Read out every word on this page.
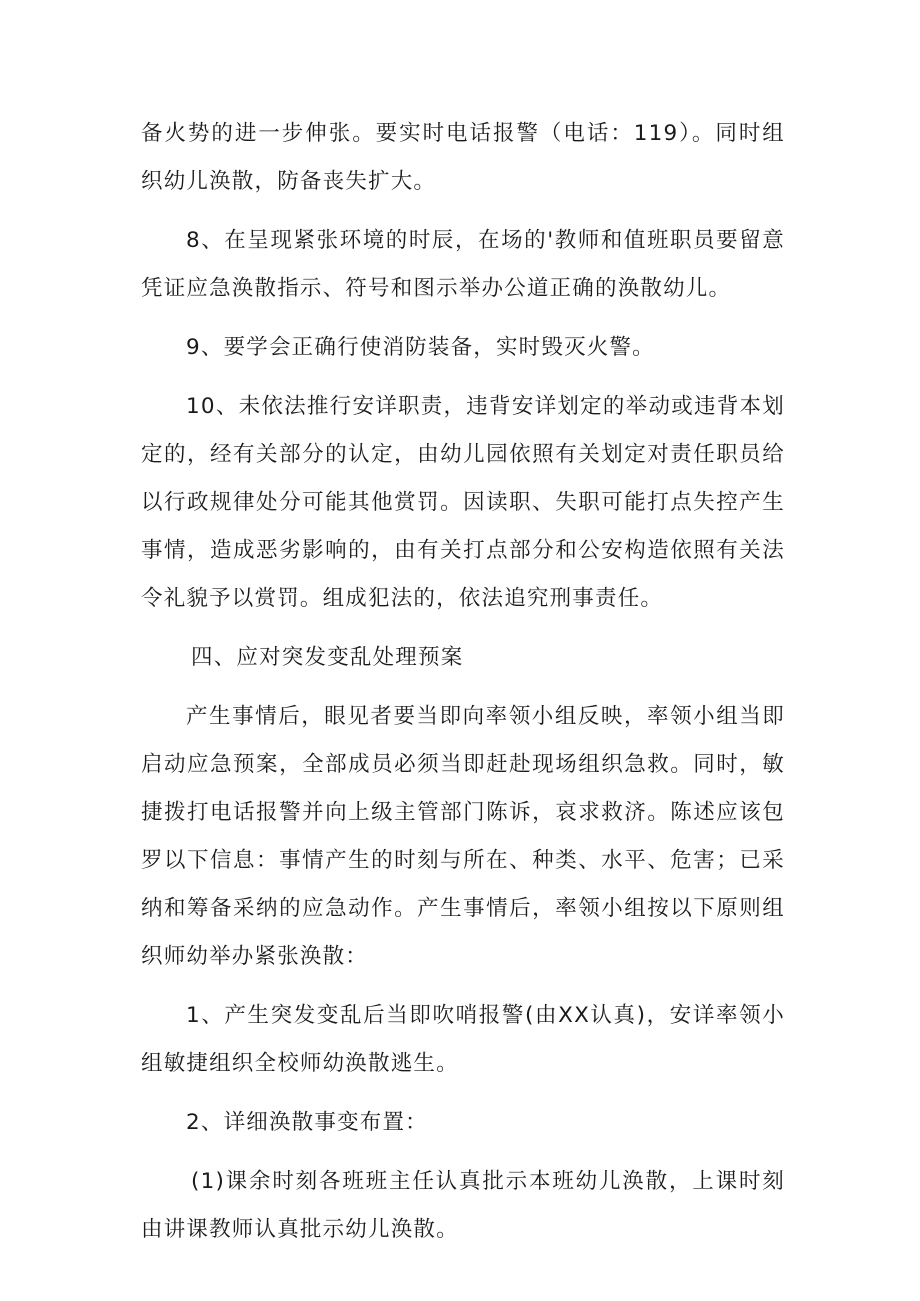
备火势的进一步伸张。要实时电话报警（电话：119）。同时组织幼儿涣散，防备丧失扩大。

8、在呈现紧张环境的时辰，在场的'教师和值班职员要留意凭证应急涣散指示、符号和图示举办公道正确的涣散幼儿。

9、要学会正确行使消防装备，实时毁灭火警。

10、未依法推行安详职责，违背安详划定的举动或违背本划定的，经有关部分的认定，由幼儿园依照有关划定对责任职员给以行政规律处分可能其他赏罚。因读职、失职可能打点失控产生事情，造成恶劣影响的，由有关打点部分和公安构造依照有关法令礼貌予以赏罚。组成犯法的，依法追究刑事责任。

四、应对突发变乱处理预案

产生事情后，眼见者要当即向率领小组反映，率领小组当即启动应急预案，全部成员必须当即赶赴现场组织急救。同时，敏捷拨打电话报警并向上级主管部门陈诉，哀求救济。陈述应该包罗以下信息：事情产生的时刻与所在、种类、水平、危害；已采纳和筹备采纳的应急动作。产生事情后，率领小组按以下原则组织师幼举办紧张涣散：

1、产生突发变乱后当即吹哨报警(由XX认真)，安详率领小组敏捷组织全校师幼涣散逃生。

2、详细涣散事变布置：

(1)课余时刻各班班主任认真批示本班幼儿涣散，上课时刻由讲课教师认真批示幼儿涣散。
